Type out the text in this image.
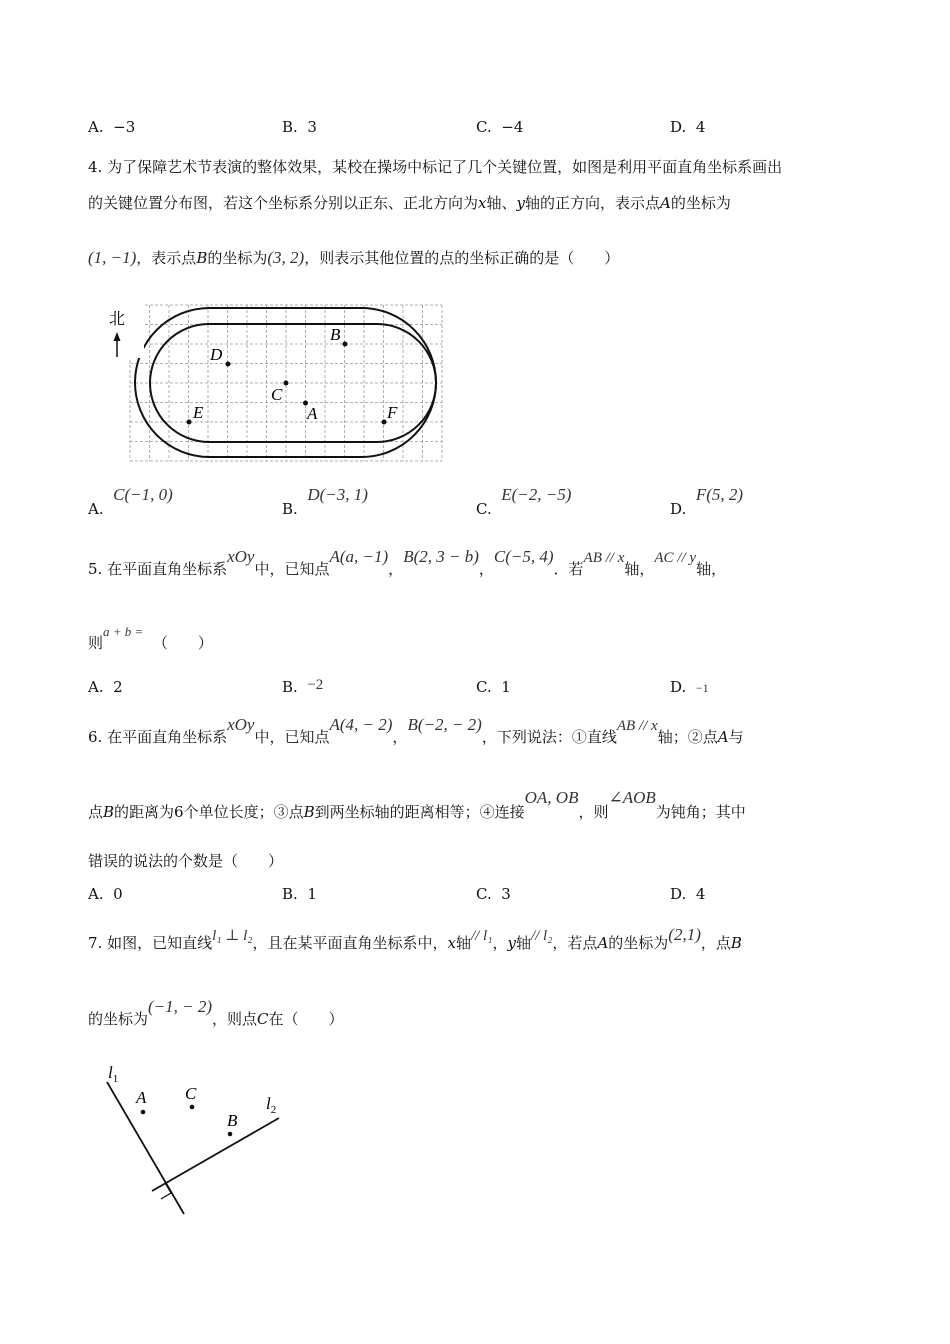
A. −3	B. 3	C. −4	D. 4
4. 为了保障艺术节表演的整体效果，某校在操场中标记了几个关键位置，如图是利用平面直角坐标系画出
的关键位置分布图，若这个坐标系分别以正东、正北方向为x轴、y轴的正方向，表示点A的坐标为
(1, −1)，表示点B的坐标为(3, 2)，则表示其他位置的点的坐标正确的是（　　）
北
B
D
C
A
E	F
A.  C(−1, 0)
B.  D(−3, 1)
C.  E(−2, −5)
D.  F(5, 2)
5. 在平面直角坐标系xOy中，已知点A(a, −1)，B(2, 3 − b)，C(−5, 4)．若AB // x轴，AC // y轴，
则a + b =  （　　）
A. 2	B. −2	C. 1	D. −1
6. 在平面直角坐标系xOy中，已知点A(4, − 2)，B(−2, − 2)，下列说法：①直线AB // x轴；②点A与
点B的距离为6个单位长度；③点B到两坐标轴的距离相等；④连接OA, OB，则∠AOB为钝角；其中
错误的说法的个数是（　　）
A. 0	B. 1	C. 3	D. 4
7. 如图，已知直线l₁ ⊥ l₂，且在某平面直角坐标系中，x轴// l₁，y轴// l₂，若点A的坐标为(2,1)，点B
的坐标为(−1, − 2)，则点C在（　　）
$l_1$
$l_2$
A C
B
